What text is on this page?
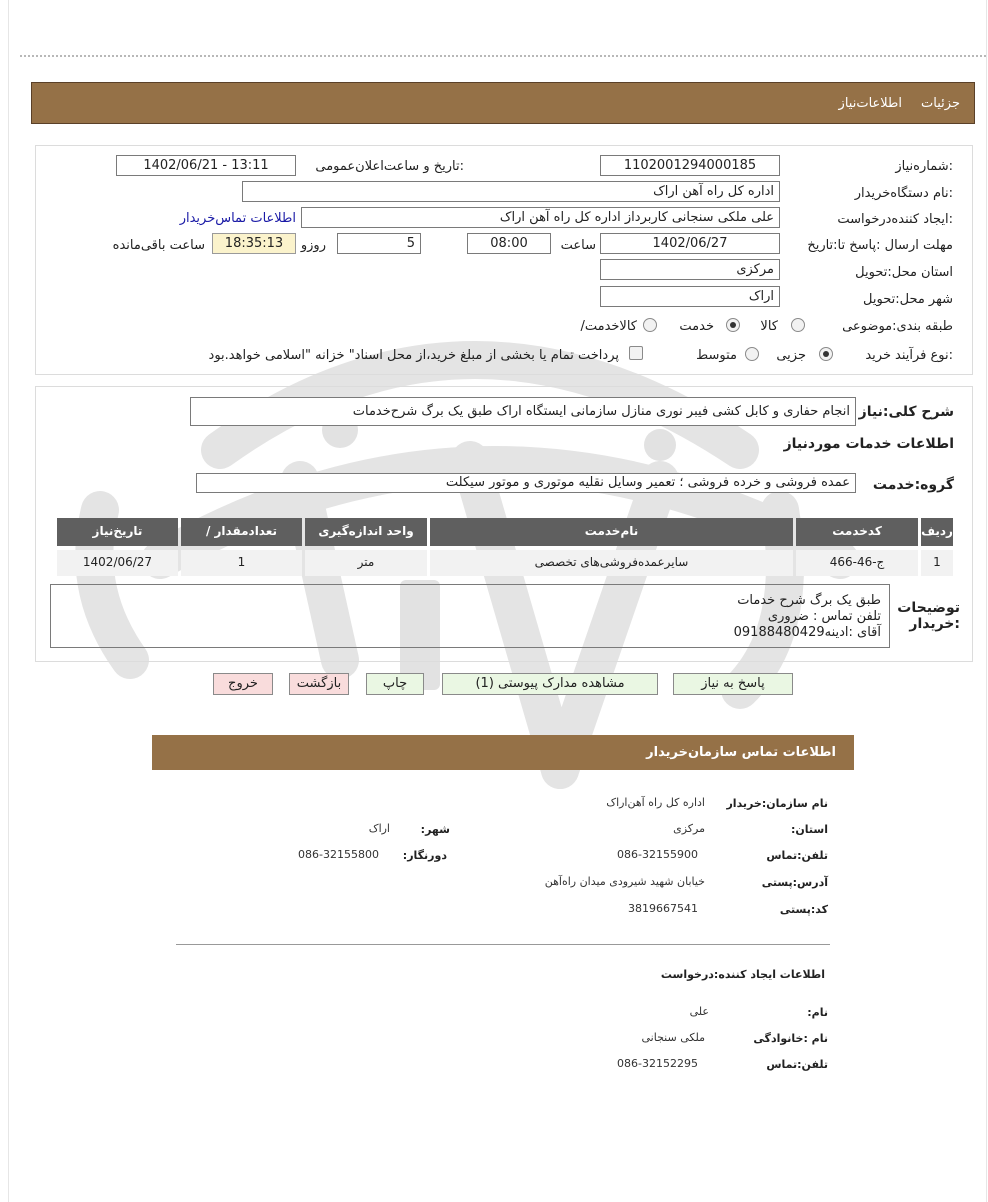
جزئیات
اطلاعات‌نیاز
شماره‌نیاز:
1102001294000185
تاریخ و ساعت‌اعلان‌عمومی:
1402/06/21 - 13:11
نام دستگاه‌خریدار:
اداره کل راه آهن اراک
ایجاد کننده‌درخواست:
علی ملکی سنجانی کاربرداز اداره کل راه آهن اراک
اطلاعات تماس‌خریدار
مهلت ارسال :پاسخ تا:تاریخ
1402/06/27
ساعت
08:00
5
روزو
18:35:13
ساعت باقی‌مانده
استان محل:تحویل
مرکزی
شهر محل:تحویل
اراک
طبقه بندی:موضوعی
کالا
خدمت
/کالاخدمت
نوع فرآیند:
خرید
جزیی
متوسط
پرداخت تمام یا بخشی از مبلغ خرید،از محل اسناد" خزانه "اسلامی خواهد.بود
شرح کلی:نیاز
انجام حفاری و کابل کشی فیبر نوری منازل سازمانی ایستگاه اراک طبق یک برگ شرح‌خدمات
اطلاعات خدمات موردنیاز
گروه:خدمت
عمده فروشی و خرده فروشی ؛ تعمیر وسایل نقلیه موتوری و موتور سیکلت
ردیف
کدخدمت
نام‌خدمت
واحد اندازه‌گیری
/ تعدادمقدار
تاریخ‌نیاز
1
ج-46-466
سایرعمده‌فروشی‌های تخصصی
متر
1
1402/06/27
توضیحات :خریدار
طبق یک برگ شرح خدمات
تلفن تماس : ضروری
آقای :ادینه09188480429
پاسخ به نیاز
مشاهده مدارک پیوستی (1)
چاپ
بازگشت
خروج
اطلاعات تماس سازمان‌خریدار
نام سازمان:خریدار
اداره کل راه آهن‌اراک
:استان
مرکزی
:شهر
اراک
تلفن:تماس
086-32155900
:دورنگار
086-32155800
آدرس:پستی
خیابان شهید شیرودی میدان راه‌آهن
کد:پستی
3819667541
اطلاعات ایجاد کننده:درخواست
:نام
علی
نام :خانوادگی
ملکی سنجانی
تلفن:تماس
086-32152295
